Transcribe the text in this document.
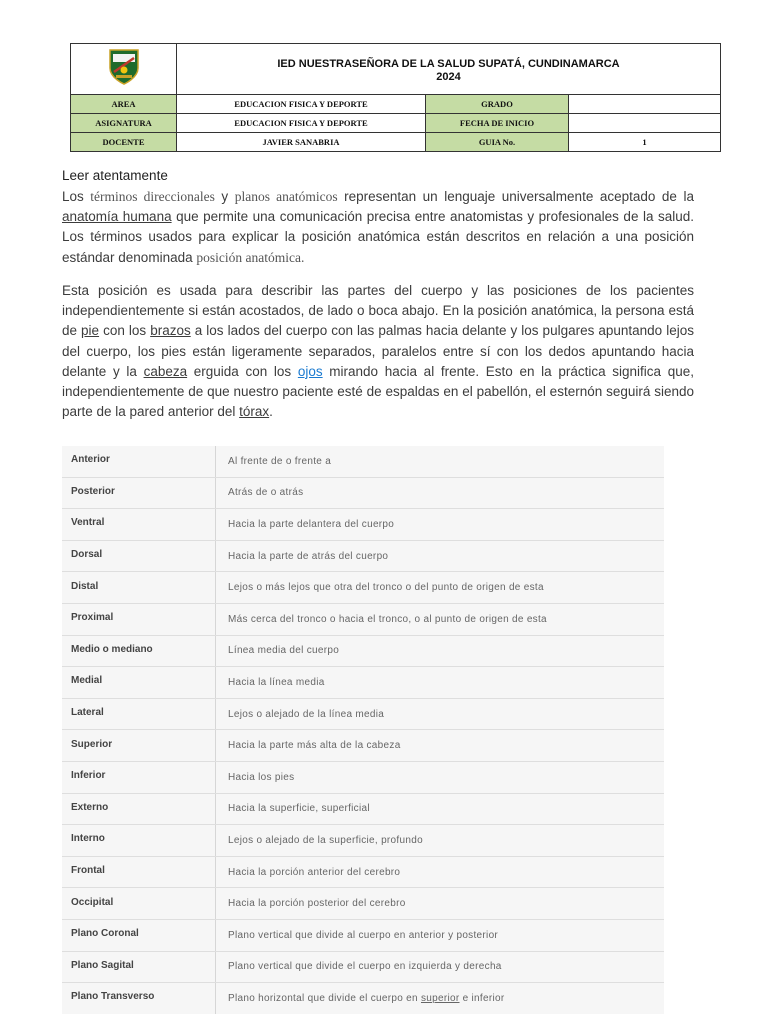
IED NUESTRASEÑORA DE LA SALUD SUPATÁ, CUNDINAMARCA
2024		

AREA	EDUCACION FISICA Y DEPORTE	GRADO	
ASIGNATURA	EDUCACION FISICA Y DEPORTE	FECHA DE INICIO	
DOCENTE	JAVIER SANABRIA	GUIA No.	1
Leer atentamente

Los términos direccionales y planos anatómicos representan un lenguaje universalmente aceptado de la anatomía humana que permite una comunicación precisa entre anatomistas y profesionales de la salud. Los términos usados para explicar la posición anatómica están descritos en relación a una posición estándar denominada posición anatómica.

Esta posición es usada para describir las partes del cuerpo y las posiciones de los pacientes independientemente si están acostados, de lado o boca abajo. En la posición anatómica, la persona está de pie con los brazos a los lados del cuerpo con las palmas hacia delante y los pulgares apuntando lejos del cuerpo, los pies están ligeramente separados, paralelos entre sí con los dedos apuntando hacia delante y la cabeza erguida con los ojos mirando hacia al frente. Esto en la práctica significa que, independientemente de que nuestro paciente esté de espaldas en el pabellón, el esternón seguirá siendo parte de la pared anterior del tórax.

Anterior	Al frente de o frente a
Posterior	Atrás de o atrás
Ventral	Hacia la parte delantera del cuerpo
Dorsal	Hacia la parte de atrás del cuerpo
Distal	Lejos o más lejos que otra del tronco o del punto de origen de esta
Proximal	Más cerca del tronco o hacia el tronco, o al punto de origen de esta
Medio o mediano	Línea media del cuerpo
Medial	Hacia la línea media
Lateral	Lejos o alejado de la línea media
Superior	Hacia la parte más alta de la cabeza
Inferior	Hacia los pies
Externo	Hacia la superficie, superficial
Interno	Lejos o alejado de la superficie, profundo
Frontal	Hacia la porción anterior del cerebro
Occipital	Hacia la porción posterior del cerebro
Plano Coronal	Plano vertical que divide al cuerpo en anterior y posterior
Plano Sagital	Plano vertical que divide el cuerpo en izquierda y derecha
Plano Transverso	Plano horizontal que divide el cuerpo en superior e inferior
